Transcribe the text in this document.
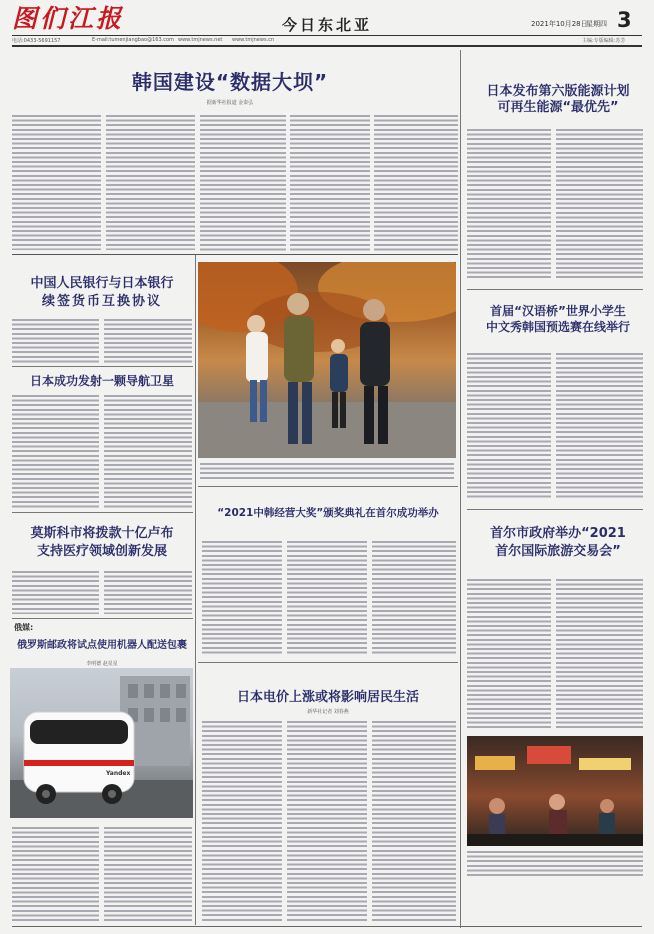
图们江报	今日东北亚	2021年10月28日
星期四 3
电话:0433-5691157	E-mail:tumenjiangbao@163.com www.tmjnews.net www.tmjnews.cn	主编:专版编辑:苏芳
韩国建设“数据大坝”
据新华社报道 金泰弘
日本发布第六版能源计划
可再生能源“最优先”
首届“汉语桥”世界小学生
中文秀韩国预选赛在线举行
首尔市政府举办“2021
首尔国际旅游交易会”
中国人民银行与日本银行
续签货币互换协议
日本成功发射一颗导航卫星
莫斯科市将拨款十亿卢布
支持医疗领域创新发展
俄媒:
俄罗斯邮政将试点使用机器人配送包裹
李明德 赵星星
Yandex
“2021中韩经营大奖”颁奖典礼在首尔成功举办
日本电价上涨或将影响居民生活
新华社记者 刘春燕
